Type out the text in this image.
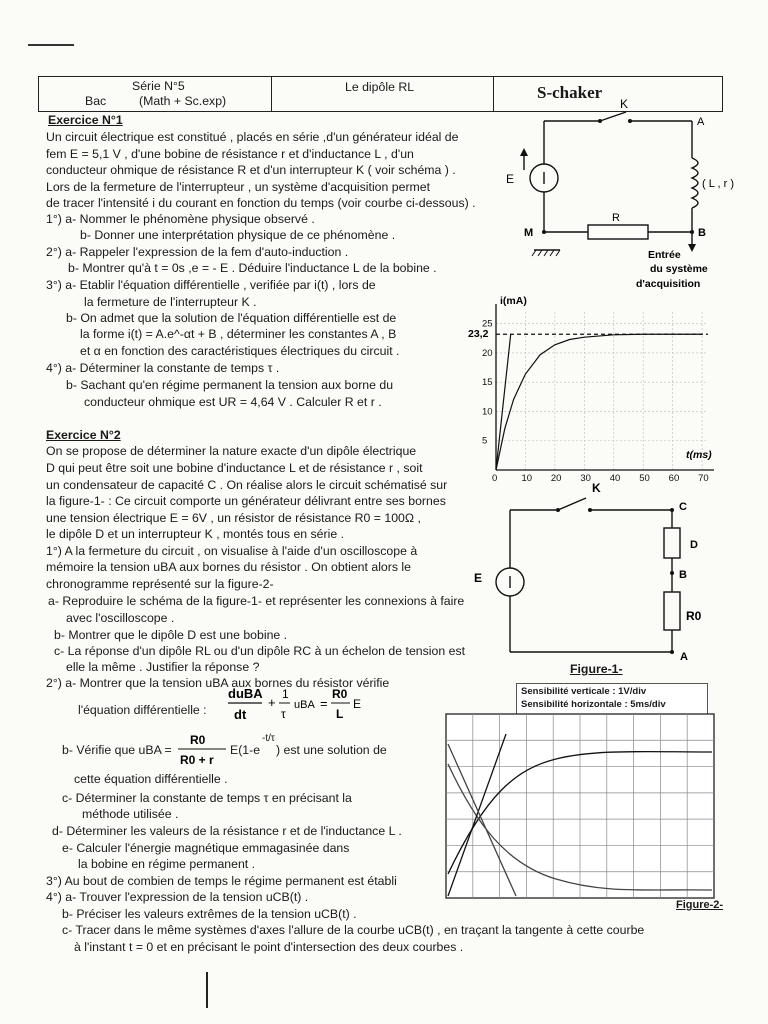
Série N°5
Bac	(Math + Sc.exp)
Le dipôle RL	S-chaker
Exercice N°1
Un circuit électrique est constitué , placés en série ,d'un générateur idéal de
fem E = 5,1 V , d'une bobine de résistance r et d'inductance L , d'un
conducteur ohmique de résistance R et d'un interrupteur K ( voir schéma ) .
Lors de la fermeture de l'interrupteur , un système d'acquisition permet
de tracer l'intensité i du courant en fonction du temps (voir courbe ci-dessous) .
1°) a- Nommer le phénomène physique observé .
b- Donner une interprétation physique de ce phénomène .
2°) a- Rappeler l'expression de la fem d'auto-induction .
b- Montrer qu'à t = 0s ,e = - E . Déduire l'inductance L de la bobine .
3°) a- Etablir l'équation différentielle , verifiée par i(t) , lors de
la fermeture de l'interrupteur K .
b- On admet que la solution de l'équation différentielle est de
la forme i(t) = A.e^-αt + B , déterminer les constantes A , B
et α en fonction des caractéristiques électriques du circuit .
4°) a- Déterminer la constante de temps τ .
b- Sachant qu'en régime permanent la tension aux borne du
conducteur ohmique est UR = 4,64 V . Calculer R et r .
K
A
E	( L , r )
R
M	B
Entrée
du système
d'acquisition
0	10 20 30 40 50 60 70
5
10
15
20
25
i(mA)
t(ms)
23,2
Exercice N°2
On se propose de déterminer la nature exacte d'un dipôle électrique
D qui peut être soit une bobine d'inductance L et de résistance r , soit
un condensateur de capacité C . On réalise alors le circuit schématisé sur
la figure-1- : Ce circuit comporte un générateur délivrant entre ses bornes
une tension électrique E = 6V , un résistor de résistance R0 = 100Ω ,
le dipôle D et un interrupteur K , montés tous en série .
1°) A la fermeture du circuit , on visualise à l'aide d'un oscilloscope à
mémoire la tension uBA aux bornes du résistor . On obtient alors le
chronogramme représenté sur la figure-2-
a- Reproduire le schéma de la figure-1- et représenter les connexions à faire
avec l'oscilloscope .
b- Montrer que le dipôle D est une bobine .
c- La réponse d'un dipôle RL ou d'un dipôle RC à un échelon de tension est
elle la même . Justifier la réponse ?
2°) a- Montrer que la tension uBA aux bornes du résistor vérifie
l'équation différentielle :
duBA
dt
+
1
τ
uBA =
R0
L
E
b- Vérifie que uBA =
R0
R0 + r
E(1-e
-t/τ
) est une solution de
cette équation différentielle .
c- Déterminer la constante de temps τ en précisant la
méthode utilisée .
d- Déterminer les valeurs de la résistance r et de l'inductance L .
e- Calculer l'énergie magnétique emmagasinée dans
la bobine en régime permanent .
3°) Au bout de combien de temps le régime permanent est établi
4°) a- Trouver l'expression de la tension uCB(t) .
b- Préciser les valeurs extrêmes de la tension uCB(t) .
c- Tracer dans le même systèmes d'axes l'allure de la courbe uCB(t) , en traçant la tangente à cette courbe
à l'instant t = 0 et en précisant le point d'intersection des deux courbes .
K
C
D
B
R0
A
E
Figure-1-
Sensibilité verticale : 1V/div
Sensibilité horizontale : 5ms/div
Figure-2-
